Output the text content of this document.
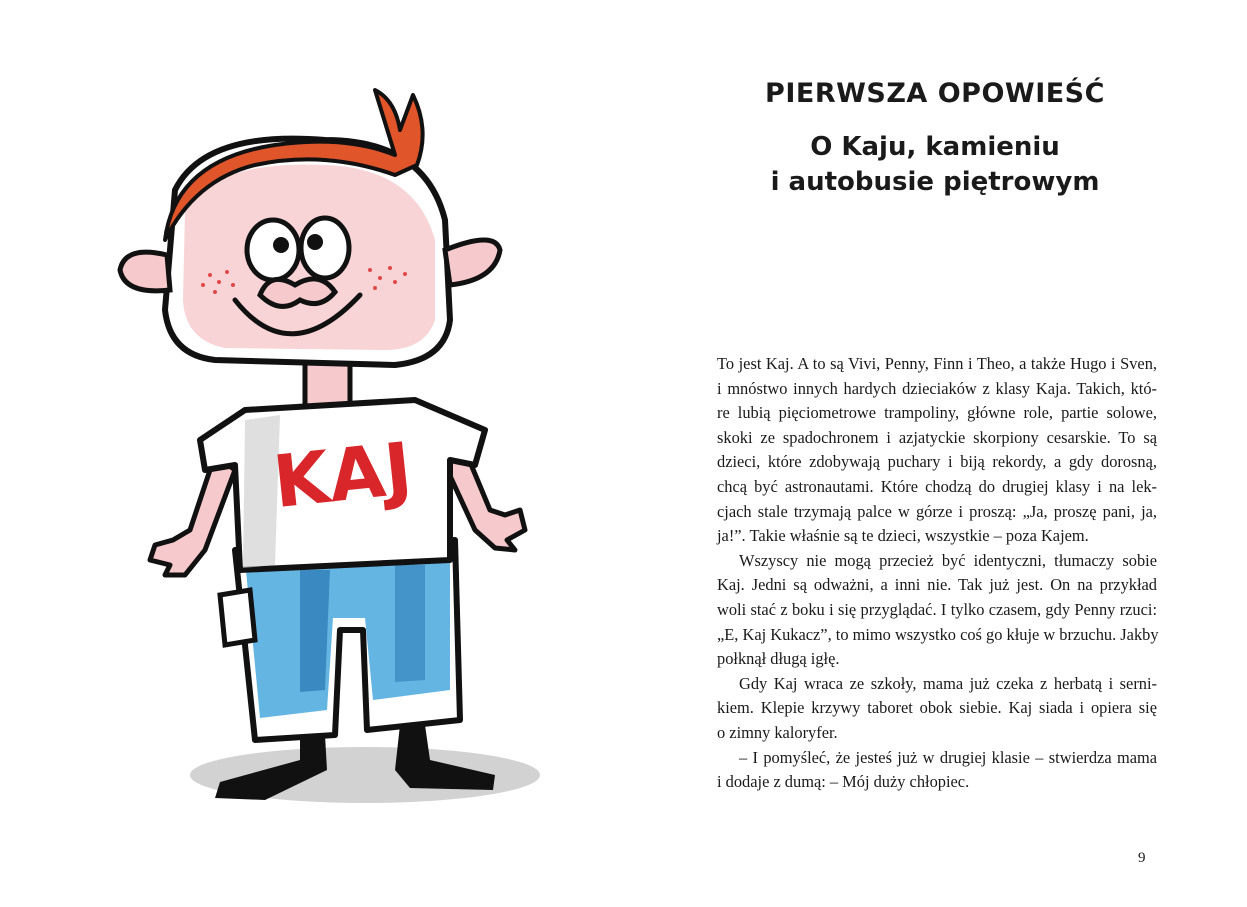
KAJ
PIERWSZA OPOWIEŚĆ
O Kaju, kamieniu
i autobusie piętrowym
To jest Kaj. A to są Vivi, Penny, Finn i Theo, a także Hugo i Sven,
i mnóstwo innych hardych dzieciaków z klasy Kaja. Takich, któ-
re lubią pięciometrowe trampoliny, główne role, partie solowe,
skoki ze spadochronem i azjatyckie skorpiony cesarskie. To są
dzieci, które zdobywają puchary i biją rekordy, a gdy dorosną,
chcą być astronautami. Które chodzą do drugiej klasy i na lek-
cjach stale trzymają palce w górze i proszą: „Ja, proszę pani, ja,
ja!”. Takie właśnie są te dzieci, wszystkie – poza Kajem.
Wszyscy nie mogą przecież być identyczni, tłumaczy sobie
Kaj. Jedni są odważni, a inni nie. Tak już jest. On na przykład
woli stać z boku i się przyglądać. I tylko czasem, gdy Penny rzuci:
„E, Kaj Kukacz”, to mimo wszystko coś go kłuje w brzuchu. Jakby
połknął długą igłę.
Gdy Kaj wraca ze szkoły, mama już czeka z herbatą i serni-
kiem. Klepie krzywy taboret obok siebie. Kaj siada i opiera się
o zimny kaloryfer.
– I pomyśleć, że jesteś już w drugiej klasie – stwierdza mama
i dodaje z dumą: – Mój duży chłopiec.
9
